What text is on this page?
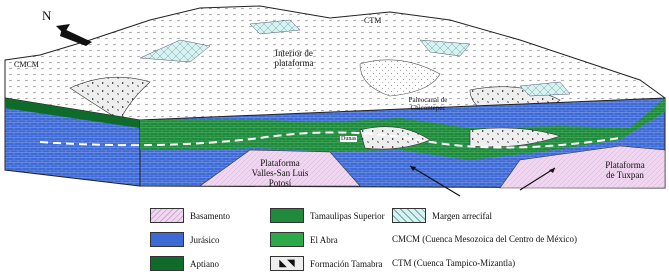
N
CMCM
CTM
Interior de
plataforma
Paleocanal de
Chicontepec
Dunas
Plataforma
Valles-San Luis
Potosí
Plataforma
de Tuxpan
Basamento
Jurásico
Aptiano
Tamaulipas Superior
El Abra
◣◥ Formación Tamabra
Margen arrecifal
CMCM (Cuenca Mesozoica del Centro de México)
CTM (Cuenca Tampico-Mizantla)
